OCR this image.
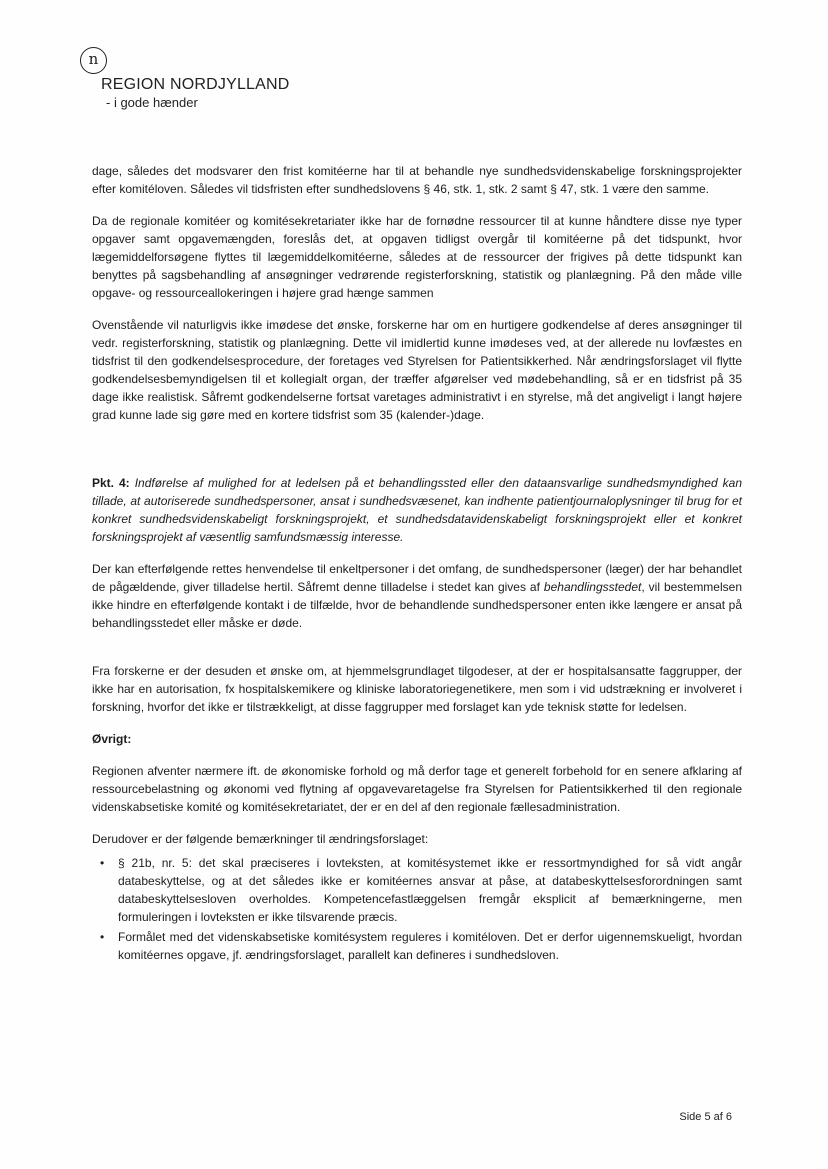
n
REGION NORDJYLLAND
- i gode hænder

dage, således det modsvarer den frist komitéerne har til at behandle nye sundhedsvidenskabelige forskningsprojekter efter komitéloven. Således vil tidsfristen efter sundhedslovens § 46, stk. 1, stk. 2 samt § 47, stk. 1 være den samme.

Da de regionale komitéer og komitésekretariater ikke har de fornødne ressourcer til at kunne håndtere disse nye typer opgaver samt opgavemængden, foreslås det, at opgaven tidligst overgår til komitéerne på det tidspunkt, hvor lægemiddelforsøgene flyttes til lægemiddelkomitéerne, således at de ressourcer der frigives på dette tidspunkt kan benyttes på sagsbehandling af ansøgninger vedrørende registerforskning, statistik og planlægning. På den måde ville opgave- og ressourceallokeringen i højere grad hænge sammen

Ovenstående vil naturligvis ikke imødese det ønske, forskerne har om en hurtigere godkendelse af deres ansøgninger til vedr. registerforskning, statistik og planlægning. Dette vil imidlertid kunne imødeses ved, at der allerede nu lovfæstes en tidsfrist til den godkendelsesprocedure, der foretages ved Styrelsen for Patientsikkerhed. Når ændringsforslaget vil flytte godkendelsesbemyndigelsen til et kollegialt organ, der træffer afgørelser ved mødebehandling, så er en tidsfrist på 35 dage ikke realistisk. Såfremt godkendelserne fortsat varetages administrativt i en styrelse, må det angiveligt i langt højere grad kunne lade sig gøre med en kortere tidsfrist som 35 (kalender-)dage.

Pkt. 4: Indførelse af mulighed for at ledelsen på et behandlingssted eller den dataansvarlige sundhedsmyndighed kan tillade, at autoriserede sundhedspersoner, ansat i sundhedsvæsenet, kan indhente patientjournaloplysninger til brug for et konkret sundhedsvidenskabeligt forskningsprojekt, et sundhedsdatavidenskabeligt forskningsprojekt eller et konkret forskningsprojekt af væsentlig samfundsmæssig interesse.

Der kan efterfølgende rettes henvendelse til enkeltpersoner i det omfang, de sundhedspersoner (læger) der har behandlet de pågældende, giver tilladelse hertil. Såfremt denne tilladelse i stedet kan gives af behandlingsstedet, vil bestemmelsen ikke hindre en efterfølgende kontakt i de tilfælde, hvor de behandlende sundhedspersoner enten ikke længere er ansat på behandlingsstedet eller måske er døde.

Fra forskerne er der desuden et ønske om, at hjemmelsgrundlaget tilgodeser, at der er hospitalsansatte faggrupper, der ikke har en autorisation, fx hospitalskemikere og kliniske laboratoriegenetikere, men som i vid udstrækning er involveret i forskning, hvorfor det ikke er tilstrækkeligt, at disse faggrupper med forslaget kan yde teknisk støtte for ledelsen.

Øvrigt:

Regionen afventer nærmere ift. de økonomiske forhold og må derfor tage et generelt forbehold for en senere afklaring af ressourcebelastning og økonomi ved flytning af opgavevaretagelse fra Styrelsen for Patientsikkerhed til den regionale videnskabsetiske komité og komitésekretariatet, der er en del af den regionale fællesadministration.

Derudover er der følgende bemærkninger til ændringsforslaget:

• § 21b, nr. 5: det skal præciseres i lovteksten, at komitésystemet ikke er ressortmyndighed for så vidt angår databeskyttelse, og at det således ikke er komitéernes ansvar at påse, at databeskyttelsesforordningen samt databeskyttelsesloven overholdes. Kompetencefastlæggelsen fremgår eksplicit af bemærkningerne, men formuleringen i lovteksten er ikke tilsvarende præcis.
• Formålet med det videnskabsetiske komitésystem reguleres i komitéloven. Det er derfor uigennemskueligt, hvordan komitéernes opgave, jf. ændringsforslaget, parallelt kan defineres i sundhedsloven.
Side 5 af 6
